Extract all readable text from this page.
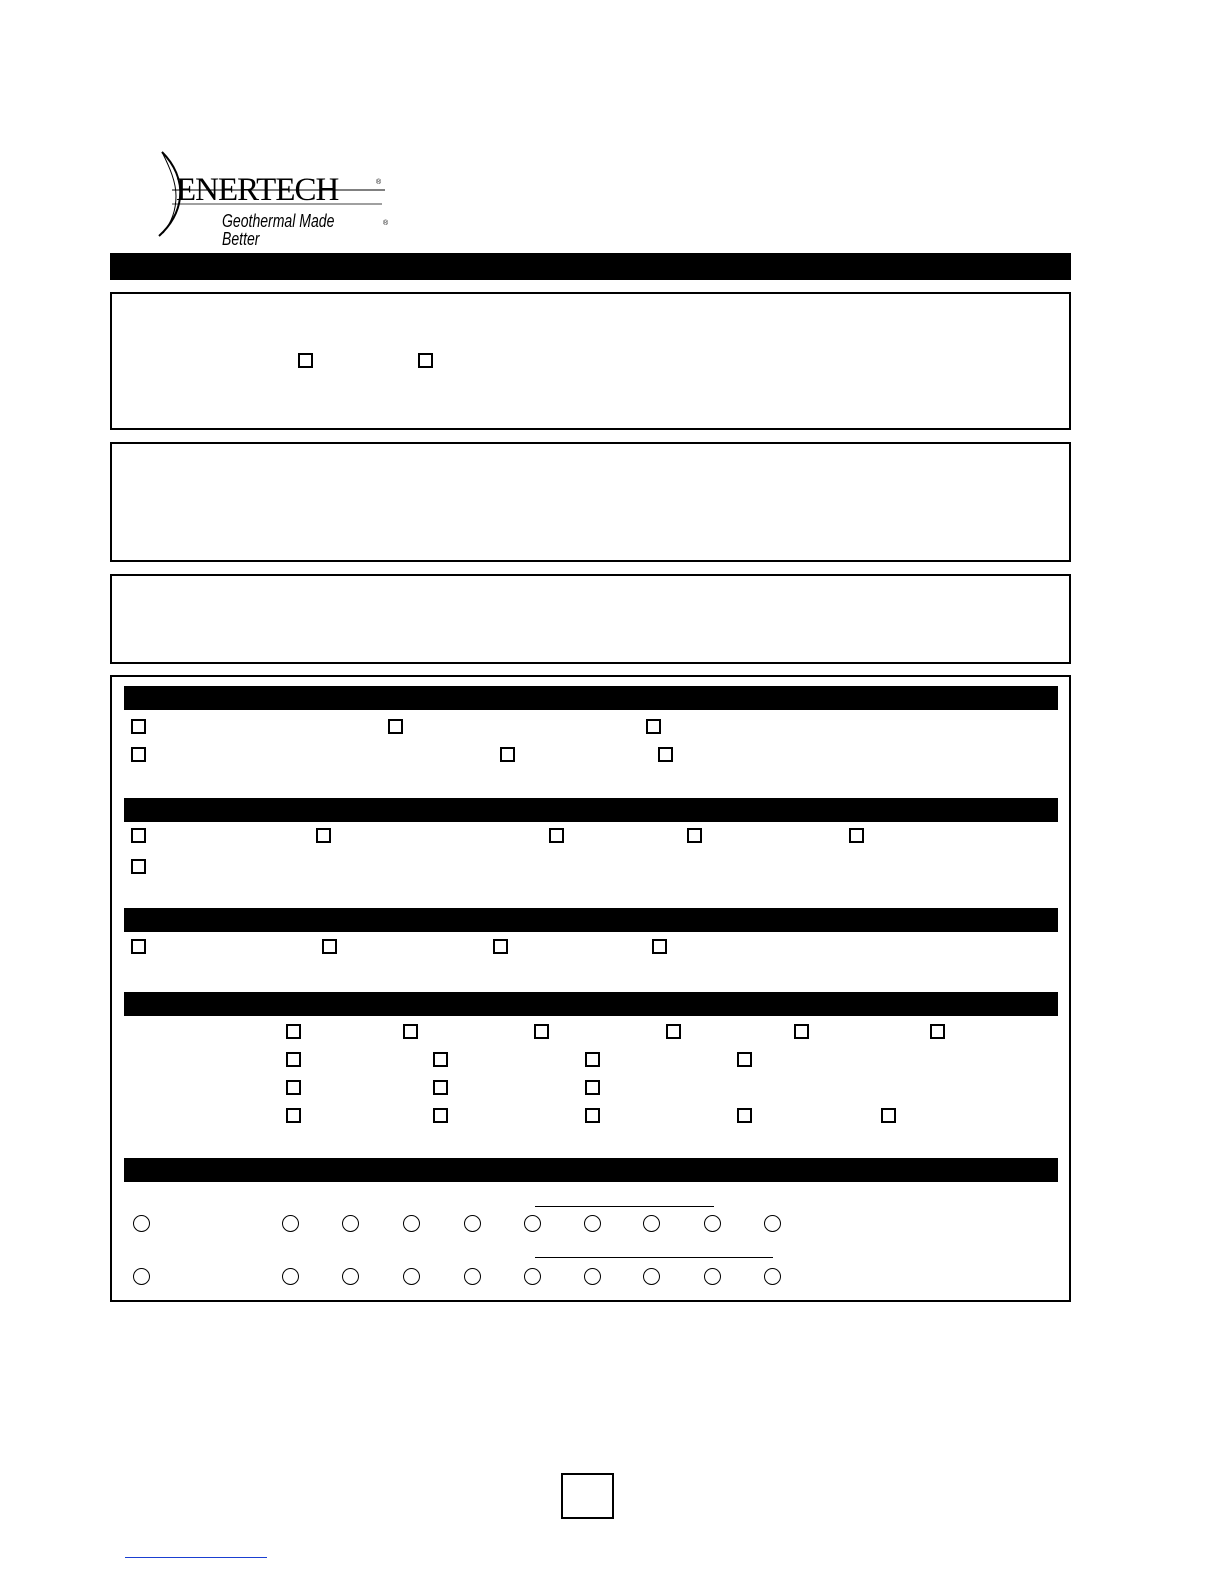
ENERTECH	®
Geothermal Made Better
®
